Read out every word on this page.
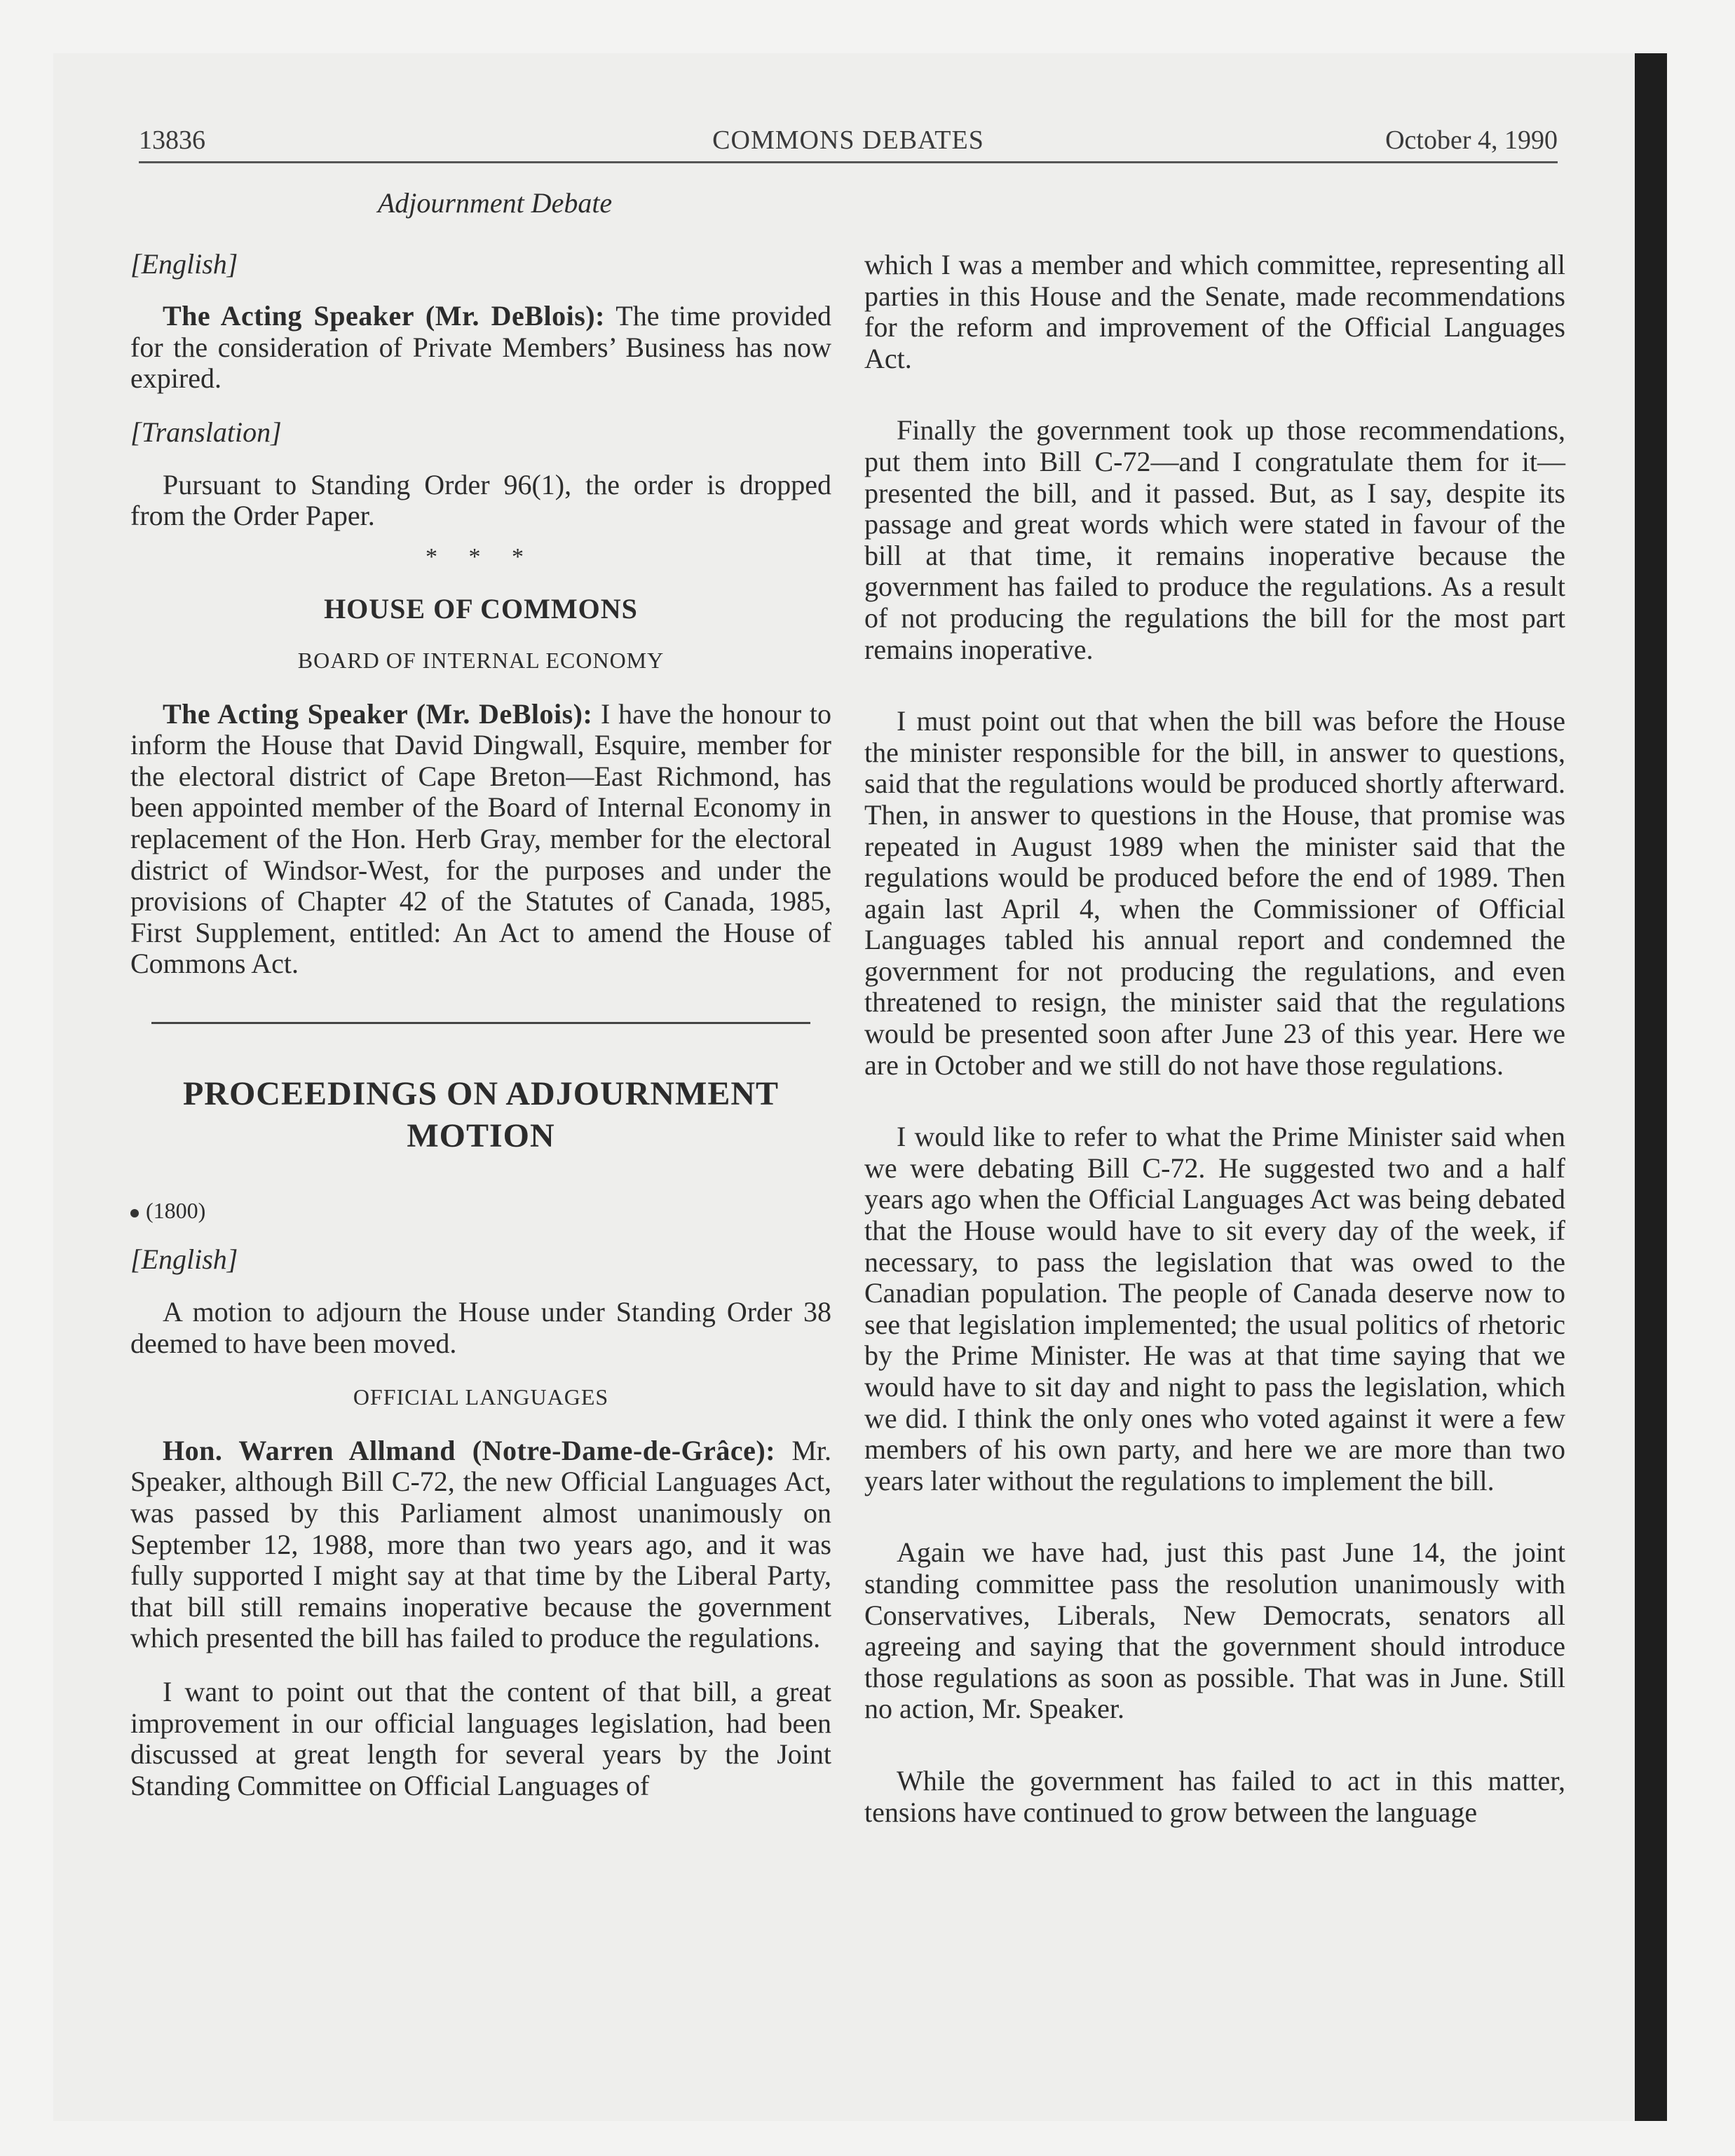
13836	COMMONS DEBATES	October 4, 1990
Adjournment Debate
[English]

The Acting Speaker (Mr. DeBlois): The time provided for the consideration of Private Members’ Business has now expired.

[Translation]

Pursuant to Standing Order 96(1), the order is dropped from the Order Paper.

* * *
HOUSE OF COMMONS
BOARD OF INTERNAL ECONOMY

The Acting Speaker (Mr. DeBlois): I have the honour to inform the House that David Dingwall, Esquire, member for the electoral district of Cape Breton—East Richmond, has been appointed member of the Board of Internal Economy in replacement of the Hon. Herb Gray, member for the electoral district of Windsor-West, for the purposes and under the provisions of Chapter 42 of the Statutes of Canada, 1985, First Supplement, entitled: An Act to amend the House of Commons Act.

PROCEEDINGS ON ADJOURNMENT MOTION
(1800)
[English]

A motion to adjourn the House under Standing Order 38 deemed to have been moved.

OFFICIAL LANGUAGES

Hon. Warren Allmand (Notre-Dame-de-Grâce): Mr. Speaker, although Bill C-72, the new Official Languages Act, was passed by this Parliament almost unanimously on September 12, 1988, more than two years ago, and it was fully supported I might say at that time by the Liberal Party, that bill still remains inoperative because the government which presented the bill has failed to produce the regulations.

I want to point out that the content of that bill, a great improvement in our official languages legislation, had been discussed at great length for several years by the Joint Standing Committee on Official Languages of

which I was a member and which committee, representing all parties in this House and the Senate, made recommendations for the reform and improvement of the Official Languages Act.

Finally the government took up those recommendations, put them into Bill C-72—and I congratulate them for it—presented the bill, and it passed. But, as I say, despite its passage and great words which were stated in favour of the bill at that time, it remains inoperative because the government has failed to produce the regulations. As a result of not producing the regulations the bill for the most part remains inoperative.

I must point out that when the bill was before the House the minister responsible for the bill, in answer to questions, said that the regulations would be produced shortly afterward. Then, in answer to questions in the House, that promise was repeated in August 1989 when the minister said that the regulations would be produced before the end of 1989. Then again last April 4, when the Commissioner of Official Languages tabled his annual report and condemned the government for not producing the regulations, and even threatened to resign, the minister said that the regulations would be presented soon after June 23 of this year. Here we are in October and we still do not have those regulations.

I would like to refer to what the Prime Minister said when we were debating Bill C-72. He suggested two and a half years ago when the Official Languages Act was being debated that the House would have to sit every day of the week, if necessary, to pass the legislation that was owed to the Canadian population. The people of Canada deserve now to see that legislation implemented; the usual politics of rhetoric by the Prime Minister. He was at that time saying that we would have to sit day and night to pass the legislation, which we did. I think the only ones who voted against it were a few members of his own party, and here we are more than two years later without the regulations to implement the bill.

Again we have had, just this past June 14, the joint standing committee pass the resolution unanimously with Conservatives, Liberals, New Democrats, senators all agreeing and saying that the government should introduce those regulations as soon as possible. That was in June. Still no action, Mr. Speaker.

While the government has failed to act in this matter, tensions have continued to grow between the language
